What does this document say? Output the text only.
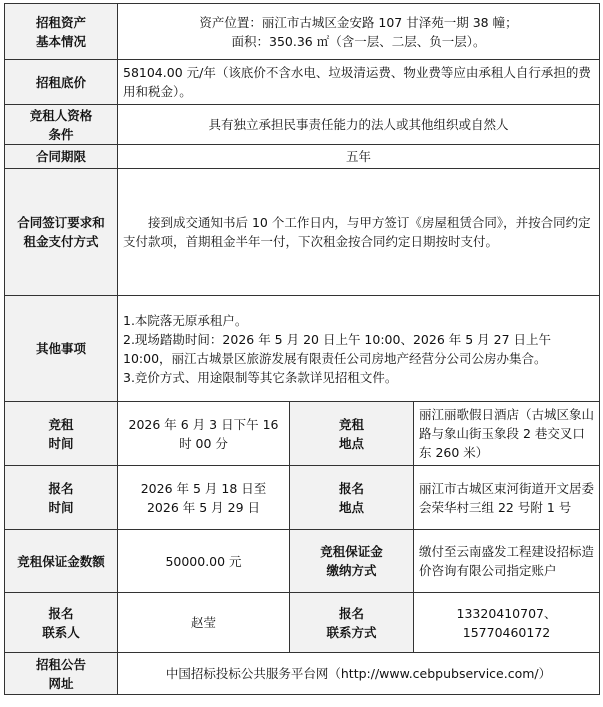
招租资产
基本情况	资产位置：丽江市古城区金安路 107 甘泽苑一期 38 幢；
面积：350.36 ㎡（含一层、二层、负一层）。		

招租底价	58104.00 元/年（该底价不含水电、垃圾清运费、物业费等应由承租人自行承担的费用和税金）。		

竞租人资格
条件	具有独立承担民事责任能力的法人或其他组织或自然人		
合同期限	五年		

合同签订要求和
租金支付方式	接到成交通知书后 10 个工作日内，与甲方签订《房屋租赁合同》，并按合同约定支付款项，首期租金半年一付，下次租金按合同约定日期按时支付。		
其他事项	1.本院落无原承租户。
2.现场踏勘时间：2026 年 5 月 20 日上午 10:00、2026 年 5 月 27 日上午 10:00，丽江古城景区旅游发展有限责任公司房地产经营分公司公房办集合。
3.竞价方式、用途限制等其它条款详见招租文件。		

竞租
时间	2026 年 6 月 3 日下午 16 时 00 分	竞租
地点	丽江丽歌假日酒店（古城区象山路与象山街玉象段 2 巷交叉口东 260 米）

报名
时间	2026 年 5 月 18 日至
2026 年 5 月 29 日	报名
地点	丽江市古城区束河街道开文居委会荣华村三组 22 号附 1 号
竞租保证金数额	50000.00 元	竞租保证金
缴纳方式	缴付至云南盛发工程建设招标造价咨询有限公司指定账户

报名
联系人	赵莹	报名
联系方式	13320410707、15770460172

招租公告
网址	中国招标投标公共服务平台网（http://www.cebpubservice.com/）		
